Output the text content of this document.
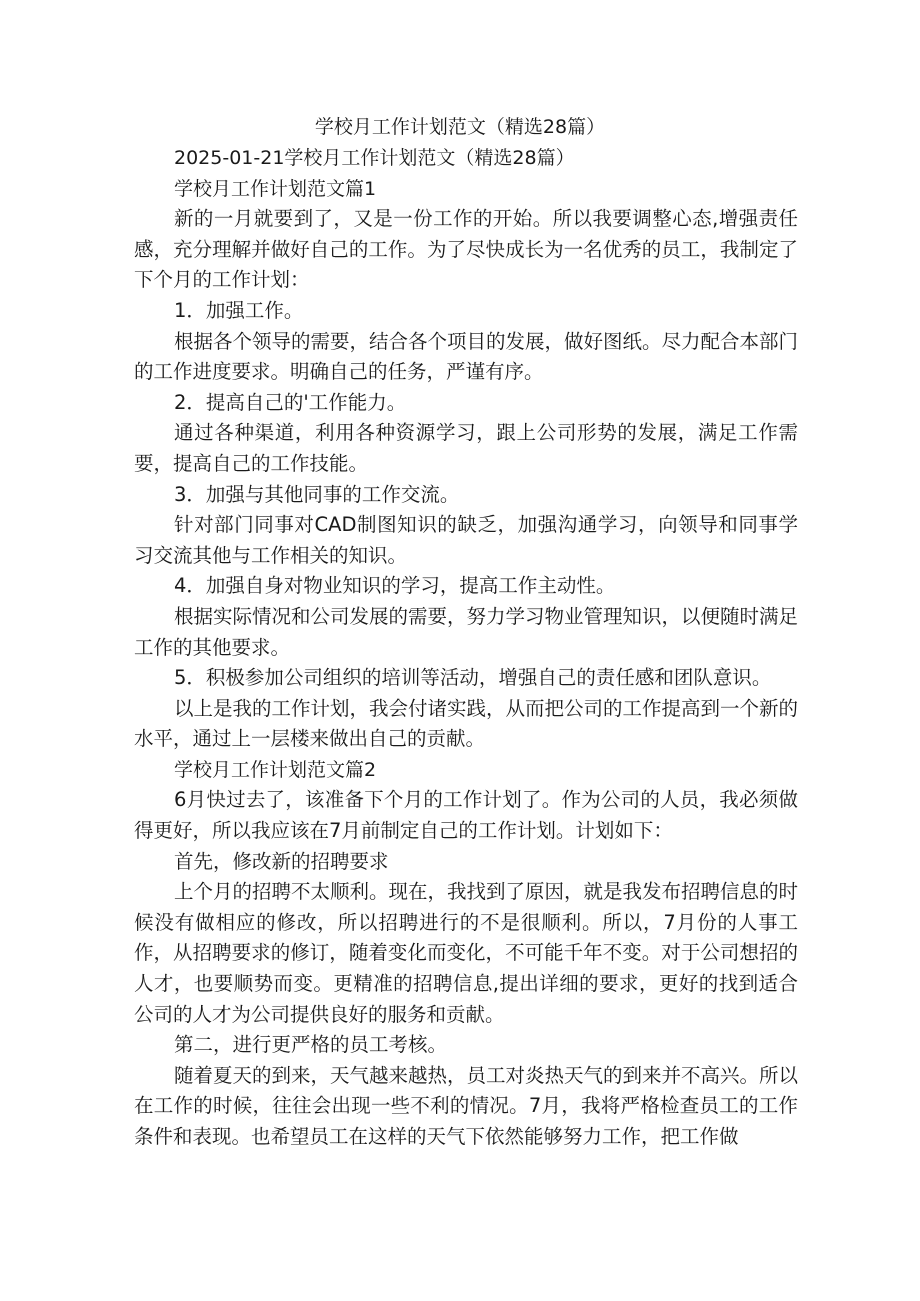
学校月工作计划范文（精选28篇）

2025-01-21学校月工作计划范文（精选28篇）

学校月工作计划范文篇1

新的一月就要到了，又是一份工作的开始。所以我要调整心态,增强责任感，充分理解并做好自己的工作。为了尽快成长为一名优秀的员工，我制定了下个月的工作计划：

1．加强工作。

根据各个领导的需要，结合各个项目的发展，做好图纸。尽力配合本部门的工作进度要求。明确自己的任务，严谨有序。

2．提高自己的'工作能力。

通过各种渠道，利用各种资源学习，跟上公司形势的发展，满足工作需要，提高自己的工作技能。

3．加强与其他同事的工作交流。

针对部门同事对CAD制图知识的缺乏，加强沟通学习，向领导和同事学习交流其他与工作相关的知识。

4．加强自身对物业知识的学习，提高工作主动性。

根据实际情况和公司发展的需要，努力学习物业管理知识，以便随时满足工作的其他要求。

5．积极参加公司组织的培训等活动，增强自己的责任感和团队意识。

以上是我的工作计划，我会付诸实践，从而把公司的工作提高到一个新的水平，通过上一层楼来做出自己的贡献。

学校月工作计划范文篇2

6月快过去了，该准备下个月的工作计划了。作为公司的人员，我必须做得更好，所以我应该在7月前制定自己的工作计划。计划如下：

首先，修改新的招聘要求

上个月的招聘不太顺利。现在，我找到了原因，就是我发布招聘信息的时候没有做相应的修改，所以招聘进行的不是很顺利。所以，7月份的人事工作，从招聘要求的修订，随着变化而变化，不可能千年不变。对于公司想招的人才，也要顺势而变。更精准的招聘信息,提出详细的要求，更好的找到适合公司的人才为公司提供良好的服务和贡献。

第二，进行更严格的员工考核。

随着夏天的到来，天气越来越热，员工对炎热天气的到来并不高兴。所以在工作的时候，往往会出现一些不利的情况。7月，我将严格检查员工的工作条件和表现。也希望员工在这样的天气下依然能够努力工作，把工作做
